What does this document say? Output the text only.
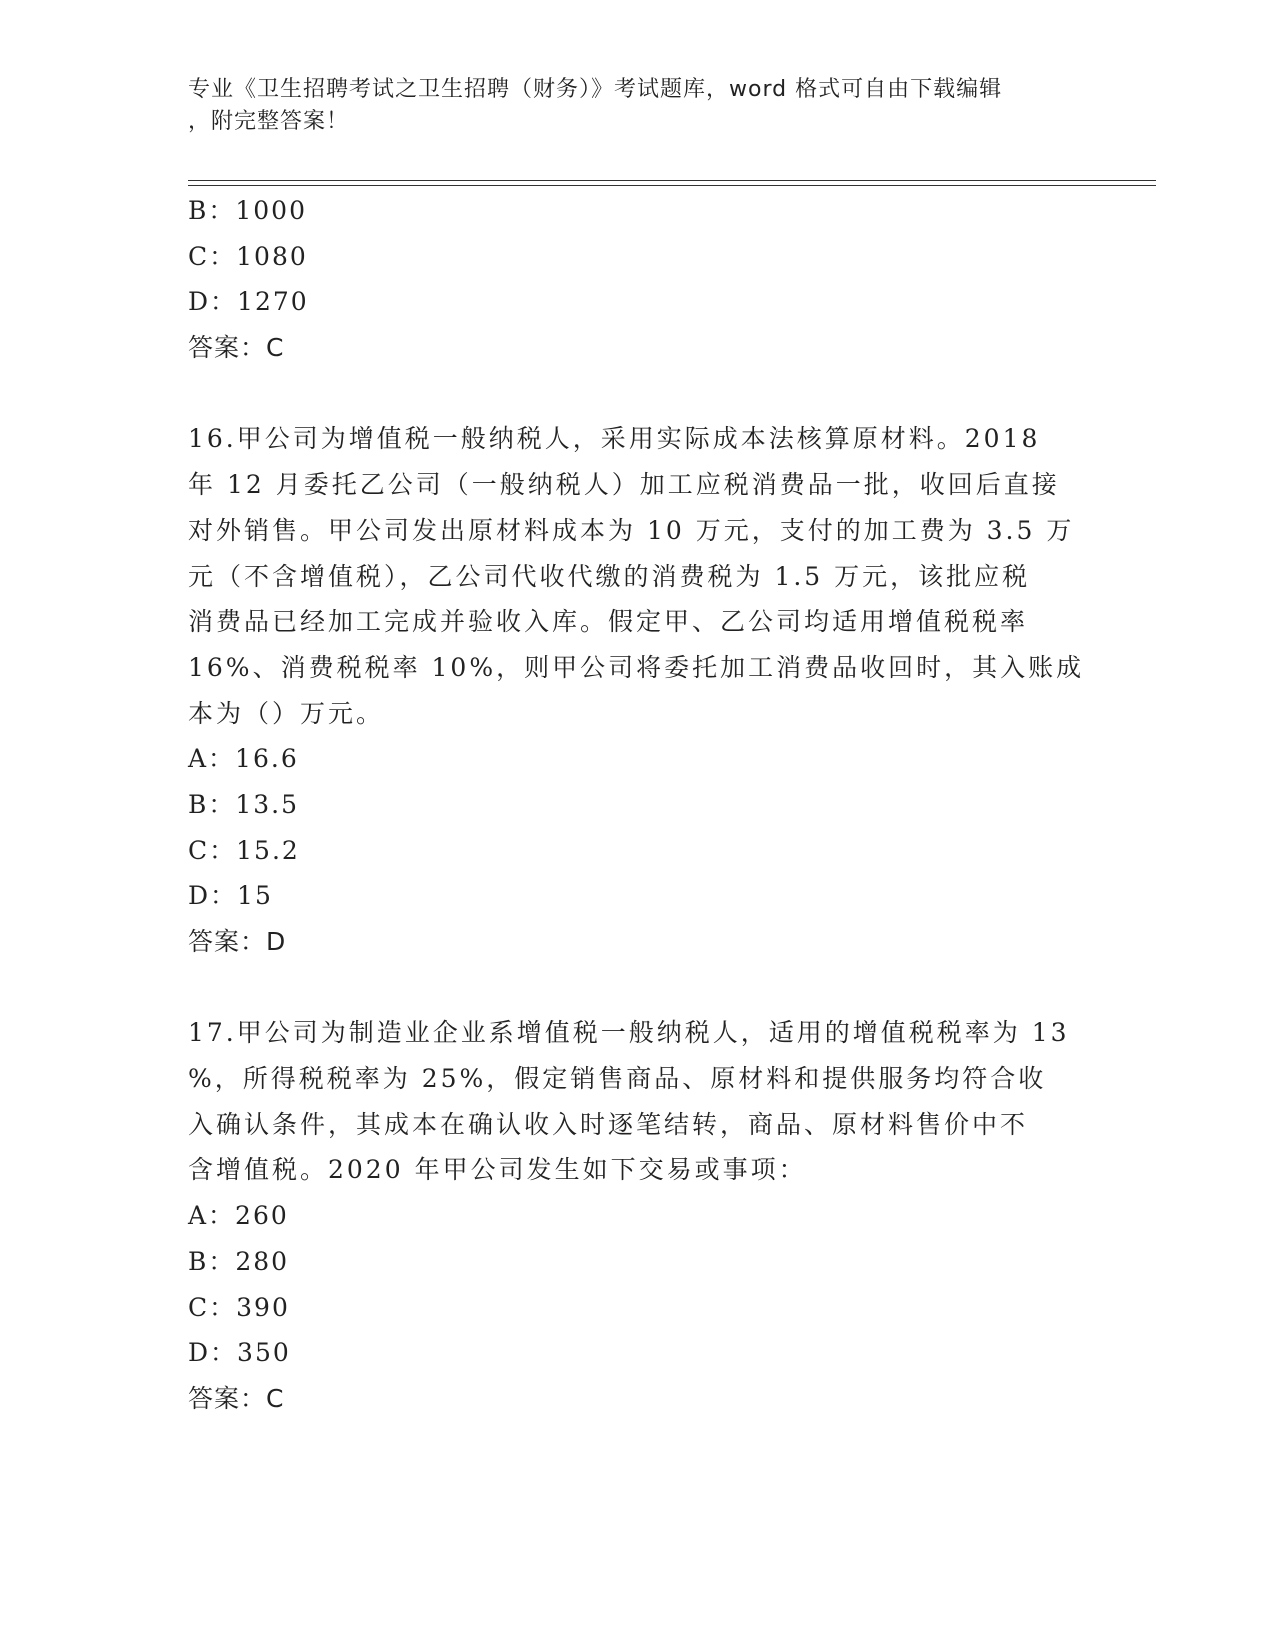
专业《卫生招聘考试之卫生招聘（财务）》考试题库，word 格式可自由下载编辑
，附完整答案！
B：1000
C：1080
D：1270
答案：C
16.甲公司为增值税一般纳税人，采用实际成本法核算原材料。2018
年 12 月委托乙公司（一般纳税人）加工应税消费品一批，收回后直接
对外销售。甲公司发出原材料成本为 10 万元，支付的加工费为 3.5 万
元（不含增值税），乙公司代收代缴的消费税为 1.5 万元，该批应税
消费品已经加工完成并验收入库。假定甲、乙公司均适用增值税税率
16%、消费税税率 10%，则甲公司将委托加工消费品收回时，其入账成
本为（）万元。
A：16.6
B：13.5
C：15.2
D：15
答案：D
17.甲公司为制造业企业系增值税一般纳税人，适用的增值税税率为 13
%，所得税税率为 25%，假定销售商品、原材料和提供服务均符合收
入确认条件，其成本在确认收入时逐笔结转，商品、原材料售价中不
含增值税。2020 年甲公司发生如下交易或事项：
A：260
B：280
C：390
D：350
答案：C
